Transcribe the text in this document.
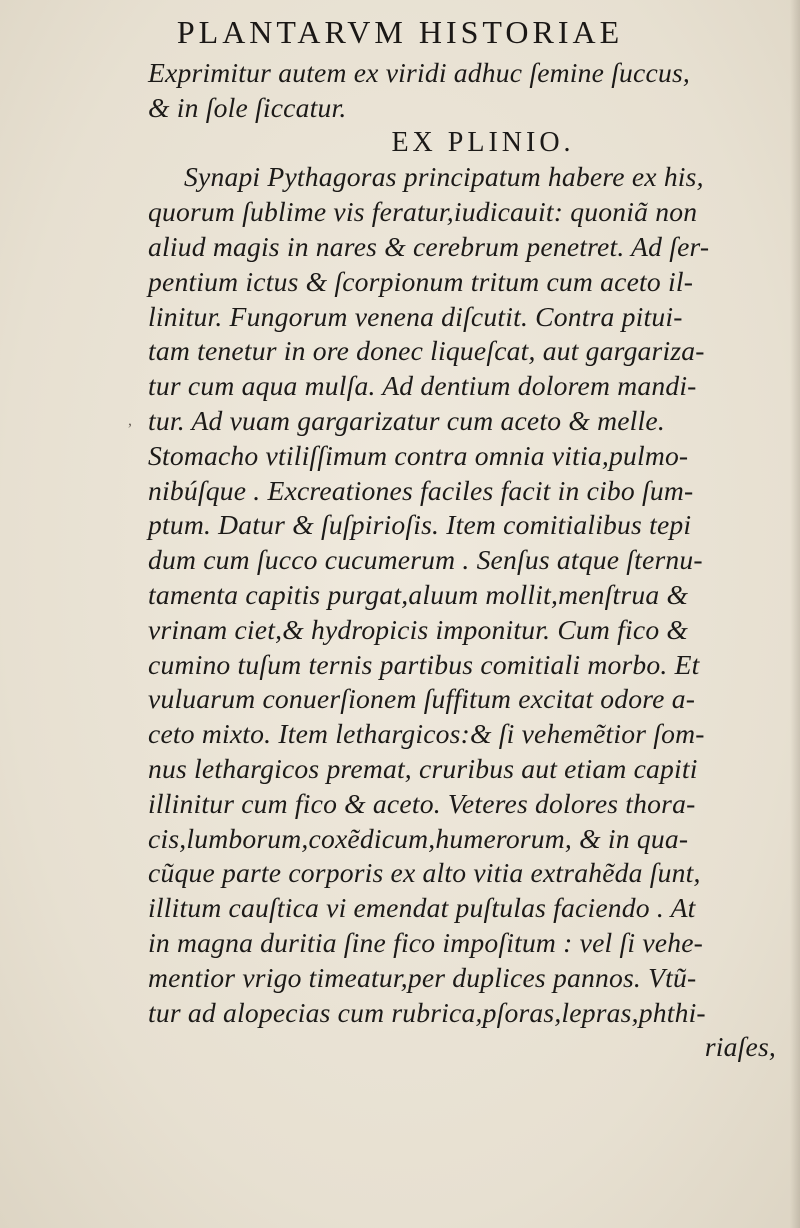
PLANTARVM HISTORIAE
,
Exprimitur autem ex viridi adhuc ſemine ſuccus,
& in ſole ſiccatur.
EX PLINIO.
Synapi Pythagoras principatum habere ex his,
quorum ſublime vis feratur,iudicauit: quoniã non
aliud magis in nares & cerebrum penetret. Ad ſer-
pentium ictus & ſcorpionum tritum cum aceto il-
linitur. Fungorum venena diſcutit. Contra pitui-
tam tenetur in ore donec liqueſcat, aut gargariza-
tur cum aqua mulſa. Ad dentium dolorem mandi-
tur. Ad vuam gargarizatur cum aceto & melle.
Stomacho vtiliſſimum contra omnia vitia,pulmo-
nibúſque . Excreationes faciles facit in cibo ſum-
ptum. Datur & ſuſpirioſis. Item comitialibus tepi
dum cum ſucco cucumerum . Senſus atque ſternu-
tamenta capitis purgat,aluum mollit,menſtrua &
vrinam ciet,& hydropicis imponitur. Cum fico &
cumino tuſum ternis partibus comitiali morbo. Et
vuluarum conuerſionem ſuffitum excitat odore a-
ceto mixto. Item lethargicos:& ſi vehemẽtior ſom-
nus lethargicos premat, cruribus aut etiam capiti
illinitur cum fico & aceto. Veteres dolores thora-
cis,lumborum,coxẽdicum,humerorum, & in qua-
cũque parte corporis ex alto vitia extrahẽda ſunt,
illitum cauſtica vi emendat puſtulas faciendo . At
in magna duritia ſine fico impoſitum : vel ſi vehe-
mentior vrigo timeatur,per duplices pannos. Vtũ-
tur ad alopecias cum rubrica,pſoras,lepras,phthi-
riaſes,
